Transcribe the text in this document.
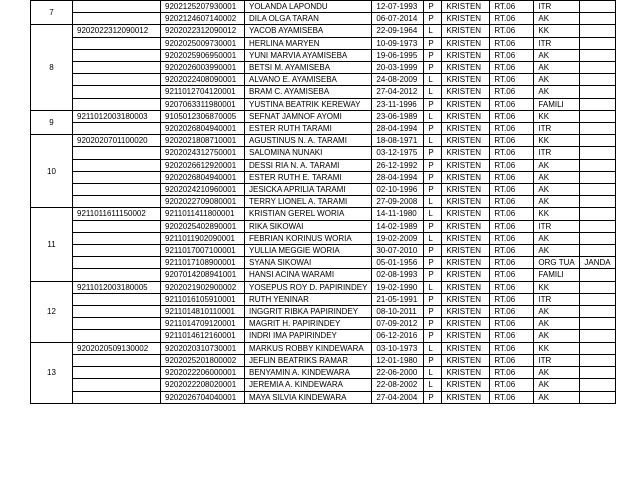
7		9202125207930001	YOLANDA LAPONDU	12-07-1993	P	KRISTEN	RT.06	ITR	
		9202124607140002	DILA OLGA TARAN	06-07-2014	P	KRISTEN	RT.06	AK	
8	9202022312090012	9202022312090012	YACOB AYAMISEBA	22-09-1964	L	KRISTEN	RT.06	KK	
		9202025009730001	HERLINA MARYEN	10-09-1973	P	KRISTEN	RT.06	ITR	
		9202025906950001	YUNI MARVIA AYAMISEBA	19-06-1995	P	KRISTEN	RT.06	AK	
		9202026003990001	BETSI M. AYAMISEBA	20-03-1999	P	KRISTEN	RT.06	AK	
		9202022408090001	ALVANO E. AYAMISEBA	24-08-2009	L	KRISTEN	RT.06	AK	
		9211012704120001	BRAM C. AYAMISEBA	27-04-2012	L	KRISTEN	RT.06	AK	
		9207063311980001	YUSTINA BEATRIK KEREWAY	23-11-1996	P	KRISTEN	RT.06	FAMILI	
9	9211012003180003	9105012306870005	SEFNAT JAMNOF AYOMI	23-06-1989	L	KRISTEN	RT.06	KK	
		9202026804940001	ESTER RUTH TARAMI	28-04-1994	P	KRISTEN	RT.06	ITR	
10	9202020701100020	9202021808710001	AGUSTINUS N. A. TARAMI	18-08-1971	L	KRISTEN	RT.06	KK	
		9202024312750001	SALOMINA NUNAKI	03-12-1975	P	KRISTEN	RT.06	ITR	
		9202026612920001	DESSI RIA N. A. TARAMI	26-12-1992	P	KRISTEN	RT.06	AK	
		9202026804940001	ESTER RUTH E. TARAMI	28-04-1994	P	KRISTEN	RT.06	AK	
		9202024210960001	JESICKA APRILIA TARAMI	02-10-1996	P	KRISTEN	RT.06	AK	
		9202022709080001	TERRY LIONEL A. TARAMI	27-09-2008	L	KRISTEN	RT.06	AK	
11	9211011611150002	9211011411800001	KRISTIAN GEREL WORIA	14-11-1980	L	KRISTEN	RT.06	KK	
		9202025402890001	RIKA SIKOWAI	14-02-1989	P	KRISTEN	RT.06	ITR	
		9211011902090001	FEBRIAN KORINUS WORIA	19-02-2009	L	KRISTEN	RT.06	AK	
		9211017007100001	YULLIA MEGGIE WORIA	30-07-2010	P	KRISTEN	RT.06	AK	
		9211017108900001	SYANA SIKOWAI	05-01-1956	P	KRISTEN	RT.06	ORG TUA	JANDA
		9207014208941001	HANSI ACINA WARAMI	02-08-1993	P	KRISTEN	RT.06	FAMILI	
12	9211012003180005	9202021902900002	YOSEPUS ROY D. PAPIRINDEY	19-02-1990	L	KRISTEN	RT.06	KK	
		9211016105910001	RUTH YENINAR	21-05-1991	P	KRISTEN	RT.06	ITR	
		9211014810110001	INGGRIT RIBKA PAPIRINDEY	08-10-2011	P	KRISTEN	RT.06	AK	
		9211014709120001	MAGRIT H. PAPIRINDEY	07-09-2012	P	KRISTEN	RT.06	AK	
		9211014612160001	INDRI IMA PAPIRINDEY	06-12-2016	P	KRISTEN	RT.06	AK	
13	9202020509130002	9202020310730001	MARKUS ROBBY KINDEWARA	03-10-1973	L	KRISTEN	RT.06	KK	
		9202025201800002	JEFLIN BEATRIKS RAMAR	12-01-1980	P	KRISTEN	RT.06	ITR	
		9202022206000001	BENYAMIN A. KINDEWARA	22-06-2000	L	KRISTEN	RT.06	AK	
		9202022208020001	JEREMIA A. KINDEWARA	22-08-2002	L	KRISTEN	RT.06	AK	
		9202026704040001	MAYA SILVIA KINDEWARA	27-04-2004	P	KRISTEN	RT.06	AK	
